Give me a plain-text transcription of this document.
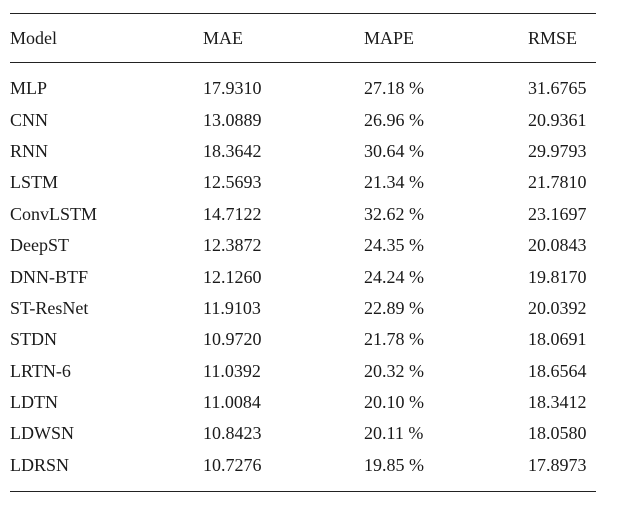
Model	MAE	MAPE	RMSE
MLP	17.9310	27.18 %	31.6765
CNN	13.0889	26.96 %	20.9361
RNN	18.3642	30.64 %	29.9793
LSTM	12.5693	21.34 %	21.7810
ConvLSTM	14.7122	32.62 %	23.1697
DeepST	12.3872	24.35 %	20.0843
DNN-BTF	12.1260	24.24 %	19.8170
ST-ResNet	11.9103	22.89 %	20.0392
STDN	10.9720	21.78 %	18.0691
LRTN-6	11.0392	20.32 %	18.6564
LDTN	11.0084	20.10 %	18.3412
LDWSN	10.8423	20.11 %	18.0580
LDRSN	10.7276	19.85 %	17.8973
